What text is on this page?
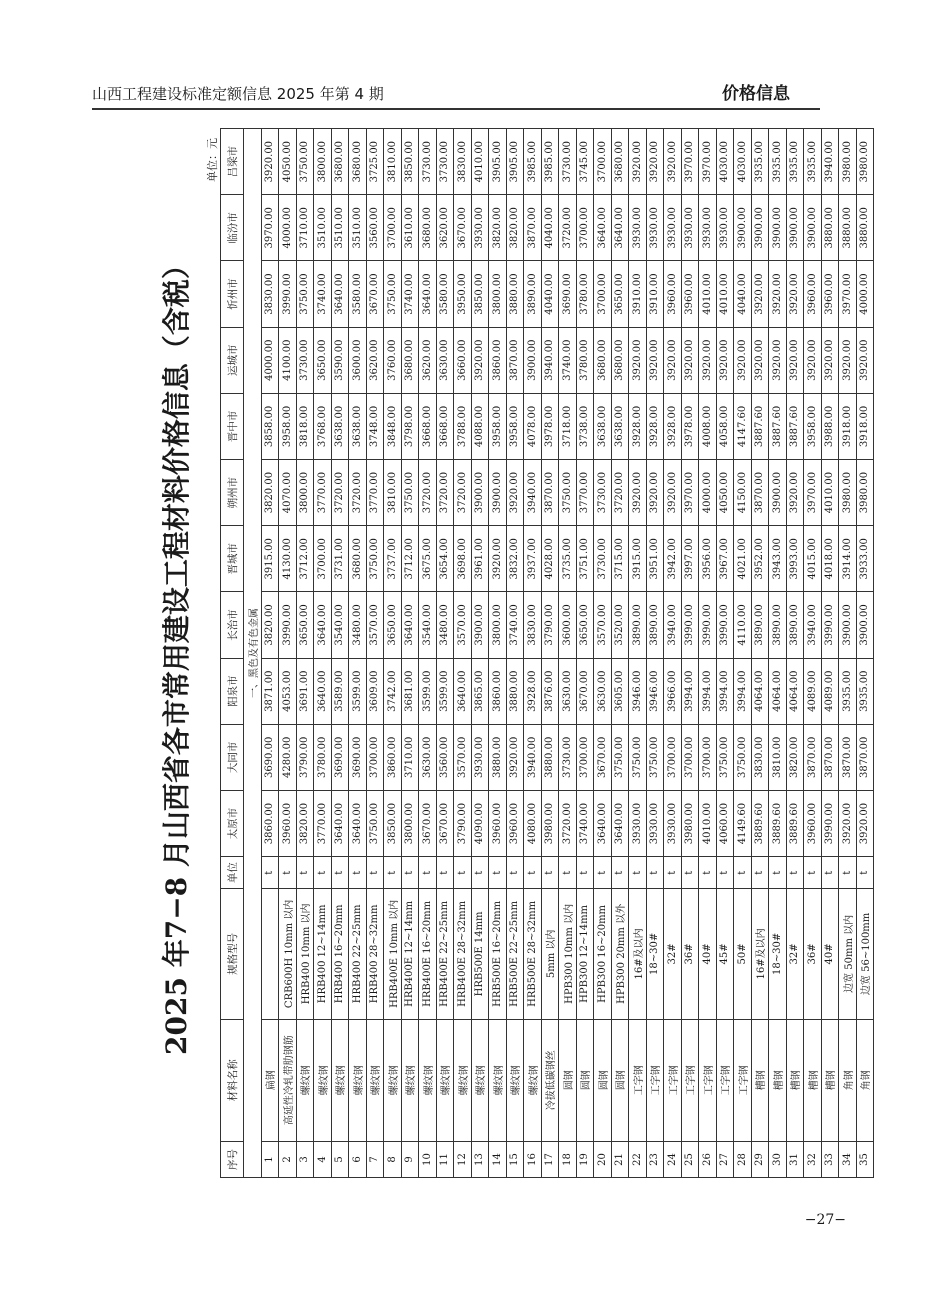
山西工程建设标准定额信息 2025 年第 4 期	价格信息
2025 年7−8 月山西省各市常用建设工程材料价格信息（含税）
单位：元
序号	材料名称	规格型号	单位	太原市	大同市	阳泉市	长治市	晋城市	朔州市	晋中市	运城市	忻州市	临汾市	吕梁市
一、黑色及有色金属														
1	扁钢		t	3860.00	3690.00	3871.00	3820.00	3915.00	3820.00	3858.00	4000.00	3830.00	3970.00	3920.00
2	高延性冷轧带肋钢筋	CRB600H 10mm 以内	t	3960.00	4280.00	4053.00	3990.00	4130.00	4070.00	3958.00	4100.00	3990.00	4000.00	4050.00
3	螺纹钢	HRB400 10mm 以内	t	3820.00	3790.00	3691.00	3650.00	3712.00	3800.00	3818.00	3730.00	3750.00	3710.00	3750.00
4	螺纹钢	HRB400 12~14mm	t	3770.00	3780.00	3640.00	3640.00	3700.00	3770.00	3768.00	3650.00	3740.00	3510.00	3800.00
5	螺纹钢	HRB400 16~20mm	t	3640.00	3690.00	3589.00	3540.00	3731.00	3720.00	3638.00	3590.00	3640.00	3510.00	3680.00
6	螺纹钢	HRB400 22~25mm	t	3640.00	3690.00	3599.00	3480.00	3680.00	3720.00	3638.00	3600.00	3580.00	3510.00	3680.00
7	螺纹钢	HRB400 28~32mm	t	3750.00	3700.00	3609.00	3570.00	3750.00	3770.00	3748.00	3620.00	3670.00	3560.00	3725.00
8	螺纹钢	HRB400E 10mm 以内	t	3850.00	3860.00	3742.00	3650.00	3737.00	3810.00	3848.00	3760.00	3750.00	3700.00	3810.00
9	螺纹钢	HRB400E 12~14mm	t	3800.00	3710.00	3681.00	3640.00	3712.00	3750.00	3798.00	3680.00	3740.00	3610.00	3850.00
10	螺纹钢	HRB400E 16~20mm	t	3670.00	3630.00	3599.00	3540.00	3675.00	3720.00	3668.00	3620.00	3640.00	3680.00	3730.00
11	螺纹钢	HRB400E 22~25mm	t	3670.00	3560.00	3599.00	3480.00	3654.00	3720.00	3668.00	3630.00	3580.00	3620.00	3730.00
12	螺纹钢	HRB400E 28~32mm	t	3790.00	3570.00	3640.00	3570.00	3698.00	3720.00	3788.00	3660.00	3950.00	3670.00	3830.00
13	螺纹钢	HRB500E 14mm	t	4090.00	3930.00	3865.00	3900.00	3961.00	3900.00	4088.00	3920.00	3850.00	3930.00	4010.00
14	螺纹钢	HRB500E 16~20mm	t	3960.00	3880.00	3860.00	3800.00	3920.00	3900.00	3958.00	3860.00	3800.00	3820.00	3905.00
15	螺纹钢	HRB500E 22~25mm	t	3960.00	3920.00	3880.00	3740.00	3832.00	3920.00	3958.00	3870.00	3880.00	3820.00	3905.00
16	螺纹钢	HRB500E 28~32mm	t	4080.00	3940.00	3928.00	3830.00	3937.00	3940.00	4078.00	3900.00	3890.00	3870.00	3985.00
17	冷拔低碳钢丝	5mm 以内	t	3980.00	3880.00	3876.00	3790.00	4028.00	3870.00	3978.00	3940.00	4040.00	4040.00	3985.00
18	圆钢	HPB300 10mm 以内	t	3720.00	3730.00	3630.00	3600.00	3735.00	3750.00	3718.00	3740.00	3690.00	3720.00	3730.00
19	圆钢	HPB300 12~14mm	t	3740.00	3700.00	3670.00	3650.00	3751.00	3770.00	3738.00	3780.00	3780.00	3700.00	3745.00
20	圆钢	HPB300 16~20mm	t	3640.00	3670.00	3630.00	3570.00	3730.00	3730.00	3638.00	3680.00	3700.00	3640.00	3700.00
21	圆钢	HPB300 20mm 以外	t	3640.00	3750.00	3605.00	3520.00	3715.00	3720.00	3638.00	3680.00	3650.00	3640.00	3680.00
22	工字钢	16#及以内	t	3930.00	3750.00	3946.00	3890.00	3915.00	3920.00	3928.00	3920.00	3910.00	3930.00	3920.00
23	工字钢	18~30#	t	3930.00	3750.00	3946.00	3890.00	3951.00	3920.00	3928.00	3920.00	3910.00	3930.00	3920.00
24	工字钢	32#	t	3930.00	3700.00	3966.00	3940.00	3942.00	3920.00	3928.00	3920.00	3960.00	3930.00	3920.00
25	工字钢	36#	t	3980.00	3700.00	3994.00	3990.00	3997.00	3970.00	3978.00	3920.00	3960.00	3930.00	3970.00
26	工字钢	40#	t	4010.00	3700.00	3994.00	3990.00	3956.00	4000.00	4008.00	3920.00	4010.00	3930.00	3970.00
27	工字钢	45#	t	4060.00	3750.00	3994.00	3990.00	3967.00	4050.00	4058.00	3920.00	4010.00	3930.00	4030.00
28	工字钢	50#	t	4149.60	3750.00	3994.00	4110.00	4021.00	4150.00	4147.60	3920.00	4040.00	3900.00	4030.00
29	槽钢	16#及以内	t	3889.60	3830.00	4064.00	3890.00	3952.00	3870.00	3887.60	3920.00	3920.00	3900.00	3935.00
30	槽钢	18~30#	t	3889.60	3810.00	4064.00	3890.00	3943.00	3900.00	3887.60	3920.00	3920.00	3900.00	3935.00
31	槽钢	32#	t	3889.60	3820.00	4064.00	3890.00	3993.00	3920.00	3887.60	3920.00	3920.00	3900.00	3935.00
32	槽钢	36#	t	3960.00	3870.00	4089.00	3940.00	4015.00	3970.00	3958.00	3920.00	3960.00	3900.00	3935.00
33	槽钢	40#	t	3990.00	3870.00	4089.00	3990.00	4018.00	4010.00	3988.00	3920.00	3960.00	3880.00	3940.00
34	角钢	边宽 50mm 以内	t	3920.00	3870.00	3935.00	3900.00	3914.00	3980.00	3918.00	3920.00	3970.00	3880.00	3980.00
35	角钢	边宽 56~100mm	t	3920.00	3870.00	3935.00	3900.00	3933.00	3980.00	3918.00	3920.00	4000.00	3880.00	3980.00
−27−
